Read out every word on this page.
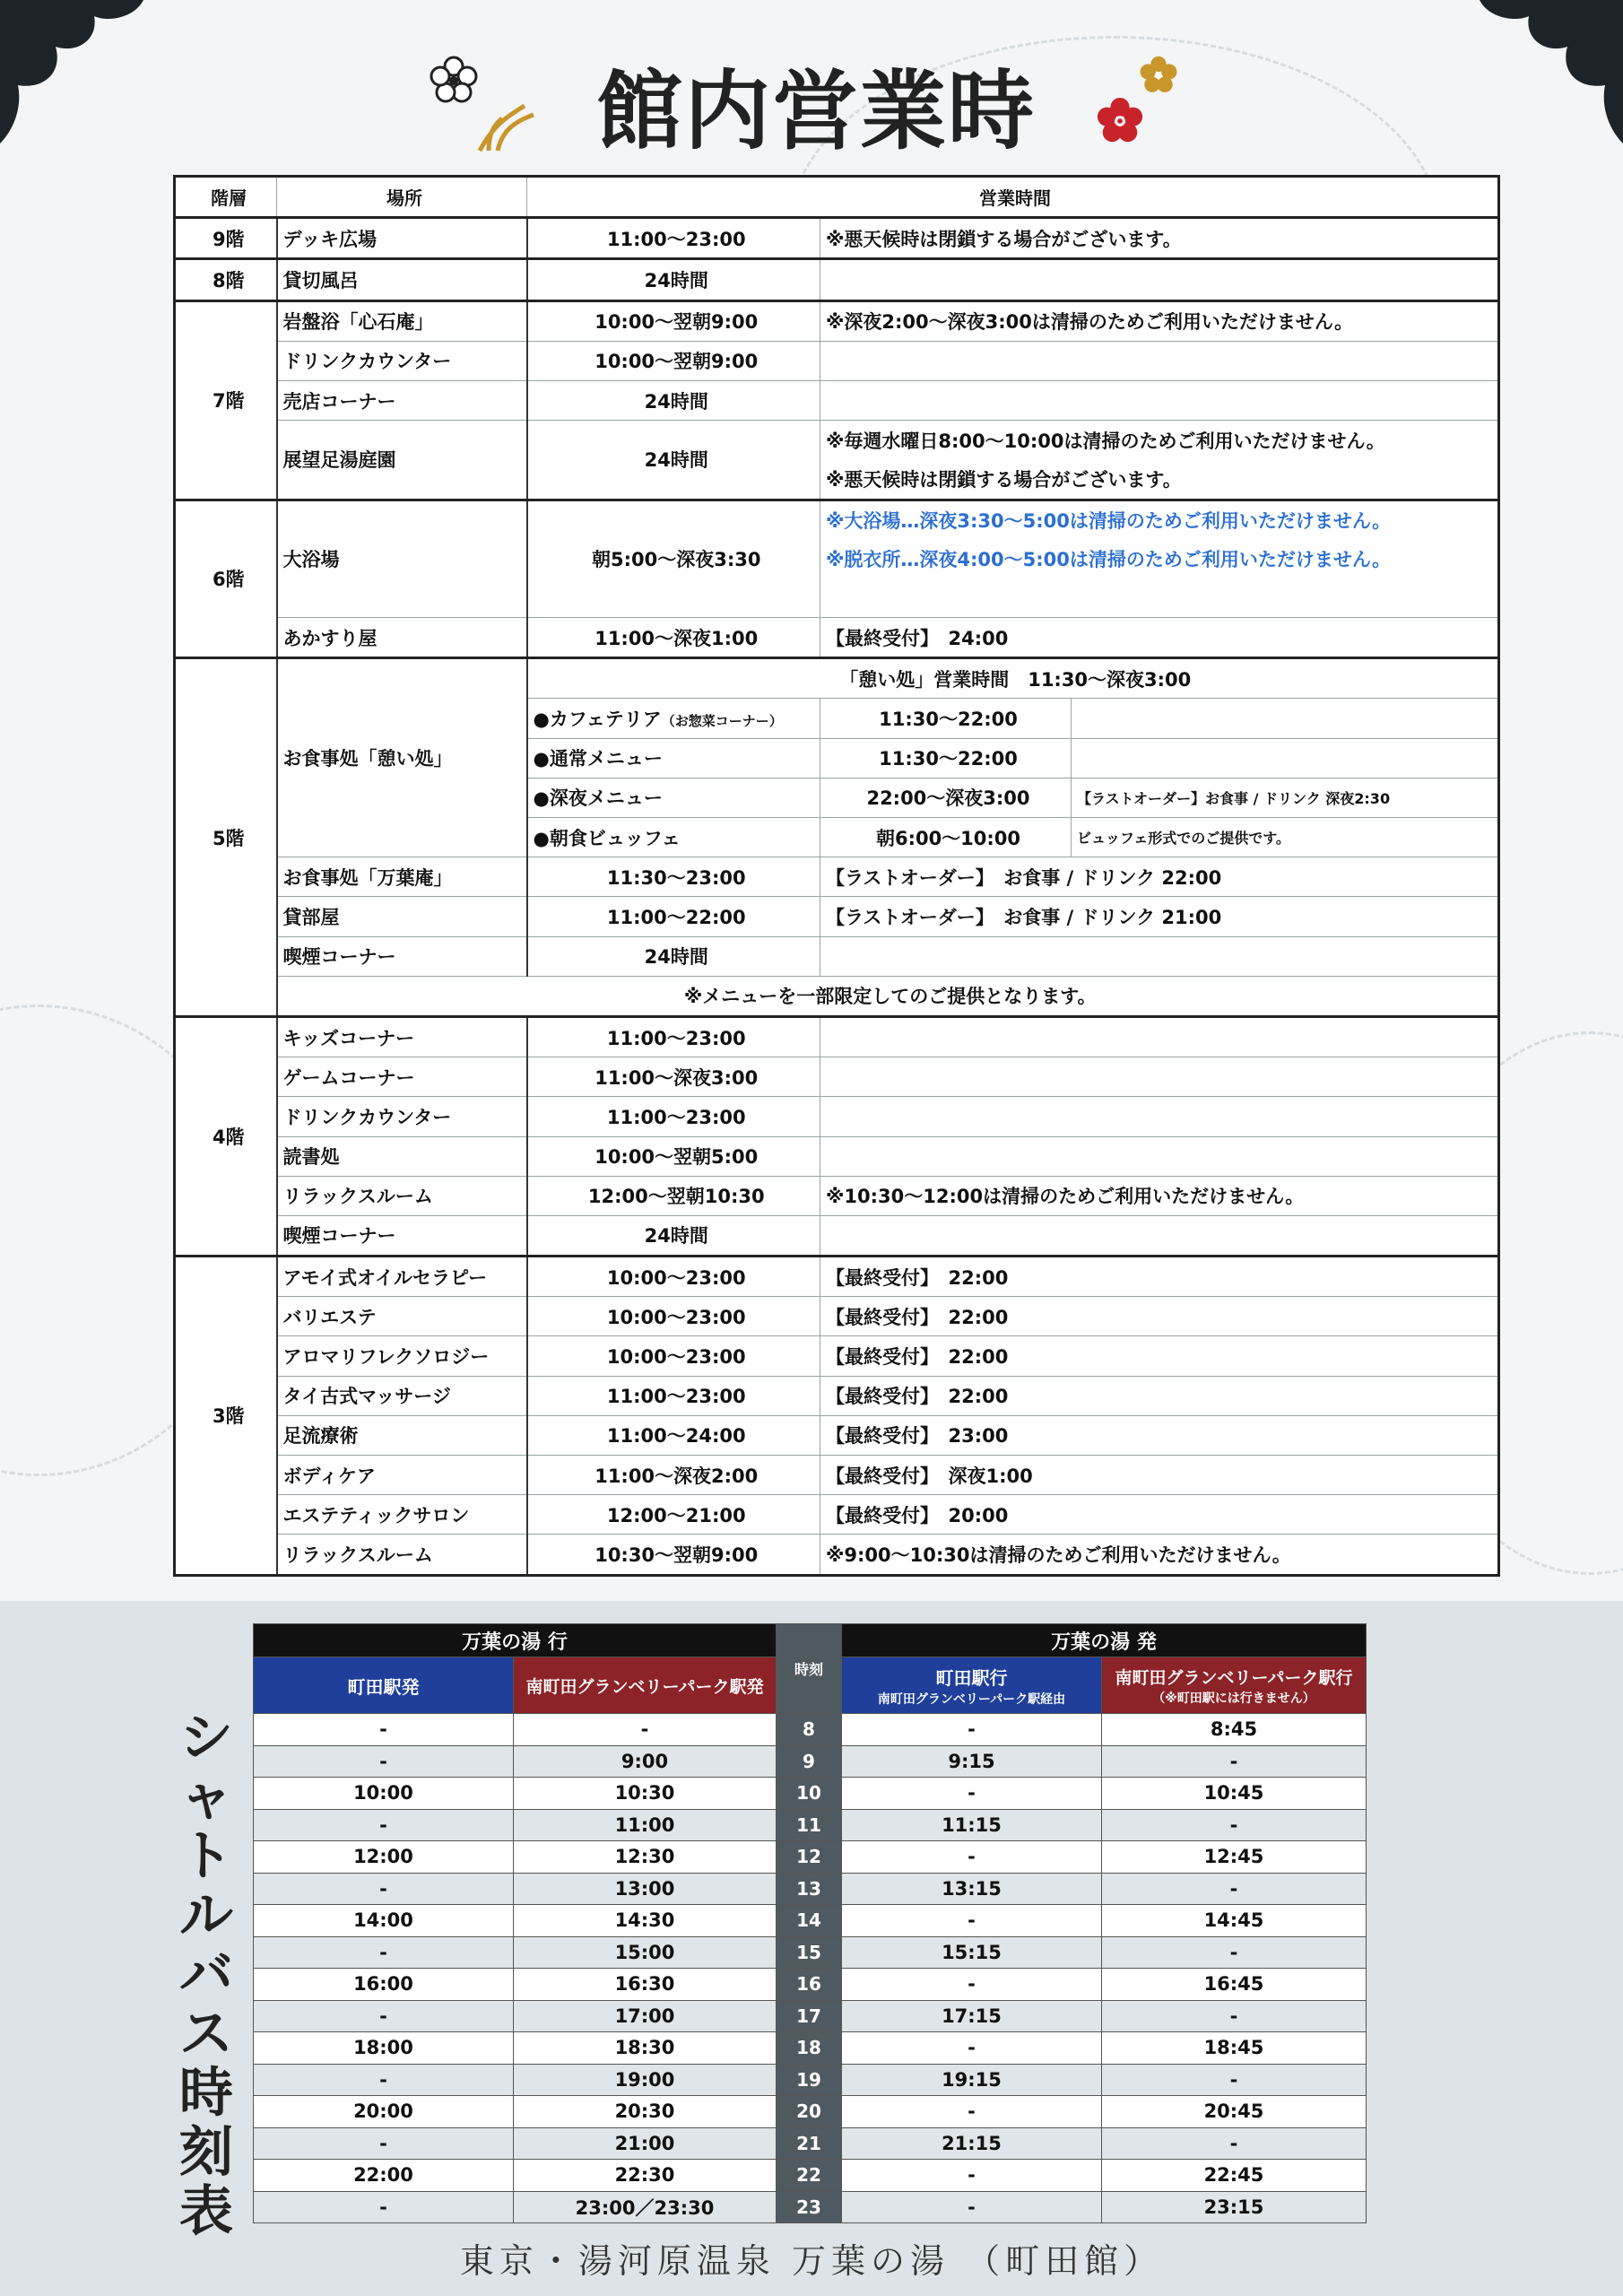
館内営業時
階層	場所	営業時間		
9階	デッキ広場	11:00〜23:00	※悪天候時は閉鎖する場合がございます。	
8階	貸切風呂	24時間		
7階	岩盤浴「心石庵」	10:00〜翌朝9:00	※深夜2:00〜深夜3:00は清掃のためご利用いただけません。	
	ドリンクカウンター	10:00〜翌朝9:00		
	売店コーナー	24時間		
	展望足湯庭園	24時間	※毎週水曜日8:00〜10:00は清掃のためご利用いただけません。	
			※悪天候時は閉鎖する場合がございます。	
6階	大浴場	朝5:00〜深夜3:30	※大浴場…深夜3:30〜5:00は清掃のためご利用いただけません。	
			※脱衣所…深夜4:00〜5:00は清掃のためご利用いただけません。	

	あかすり屋	11:00〜深夜1:00	【最終受付】　24:00	
5階	お食事処「憩い処」	「憩い処」営業時間　11:30〜深夜3:00		
		●カフェテリア（お惣菜コーナー）	11:30〜22:00	
		●通常メニュー	11:30〜22:00	
		●深夜メニュー	22:00〜深夜3:00	【ラストオーダー】お食事 / ドリンク 深夜2:30
		●朝食ビュッフェ	朝6:00〜10:00	ビュッフェ形式でのご提供です。
	お食事処「万葉庵」	11:30〜23:00	【ラストオーダー】　お食事 / ドリンク 22:00	
	貸部屋	11:00〜22:00	【ラストオーダー】　お食事 / ドリンク 21:00	
	喫煙コーナー	24時間		
	※メニューを一部限定してのご提供となります。			
4階	キッズコーナー	11:00〜23:00		
	ゲームコーナー	11:00〜深夜3:00		
	ドリンクカウンター	11:00〜23:00		
	読書処	10:00〜翌朝5:00		
	リラックスルーム	12:00〜翌朝10:30	※10:30〜12:00は清掃のためご利用いただけません。	
	喫煙コーナー	24時間		
3階	アモイ式オイルセラピー	10:00〜23:00	【最終受付】　22:00	
	バリエステ	10:00〜23:00	【最終受付】　22:00	
	アロマリフレクソロジー	10:00〜23:00	【最終受付】　22:00	
	タイ古式マッサージ	11:00〜23:00	【最終受付】　22:00	
	足流療術	11:00〜24:00	【最終受付】　23:00	
	ボディケア	11:00〜深夜2:00	【最終受付】　深夜1:00	
	エステティックサロン	12:00〜21:00	【最終受付】　20:00	
	リラックスルーム	10:30〜翌朝9:00	※9:00〜10:30は清掃のためご利用いただけません。	
シャトルバス時刻表
万葉の湯 行		時刻	万葉の湯 発	
町田駅発	南町田グランベリーパーク駅発		町田駅行
南町田グランベリーパーク駅経由	南町田グランベリーパーク駅行
（※町田駅には行きません）

-	-	8	-	8:45
-	9:00	9	9:15	-
10:00	10:30	10	-	10:45
-	11:00	11	11:15	-
12:00	12:30	12	-	12:45
-	13:00	13	13:15	-
14:00	14:30	14	-	14:45
-	15:00	15	15:15	-
16:00	16:30	16	-	16:45
-	17:00	17	17:15	-
18:00	18:30	18	-	18:45
-	19:00	19	19:15	-
20:00	20:30	20	-	20:45
-	21:00	21	21:15	-
22:00	22:30	22	-	22:45
-	23:00／23:30	23	-	23:15
東京・湯河原温泉 万葉の湯 （町田館）
